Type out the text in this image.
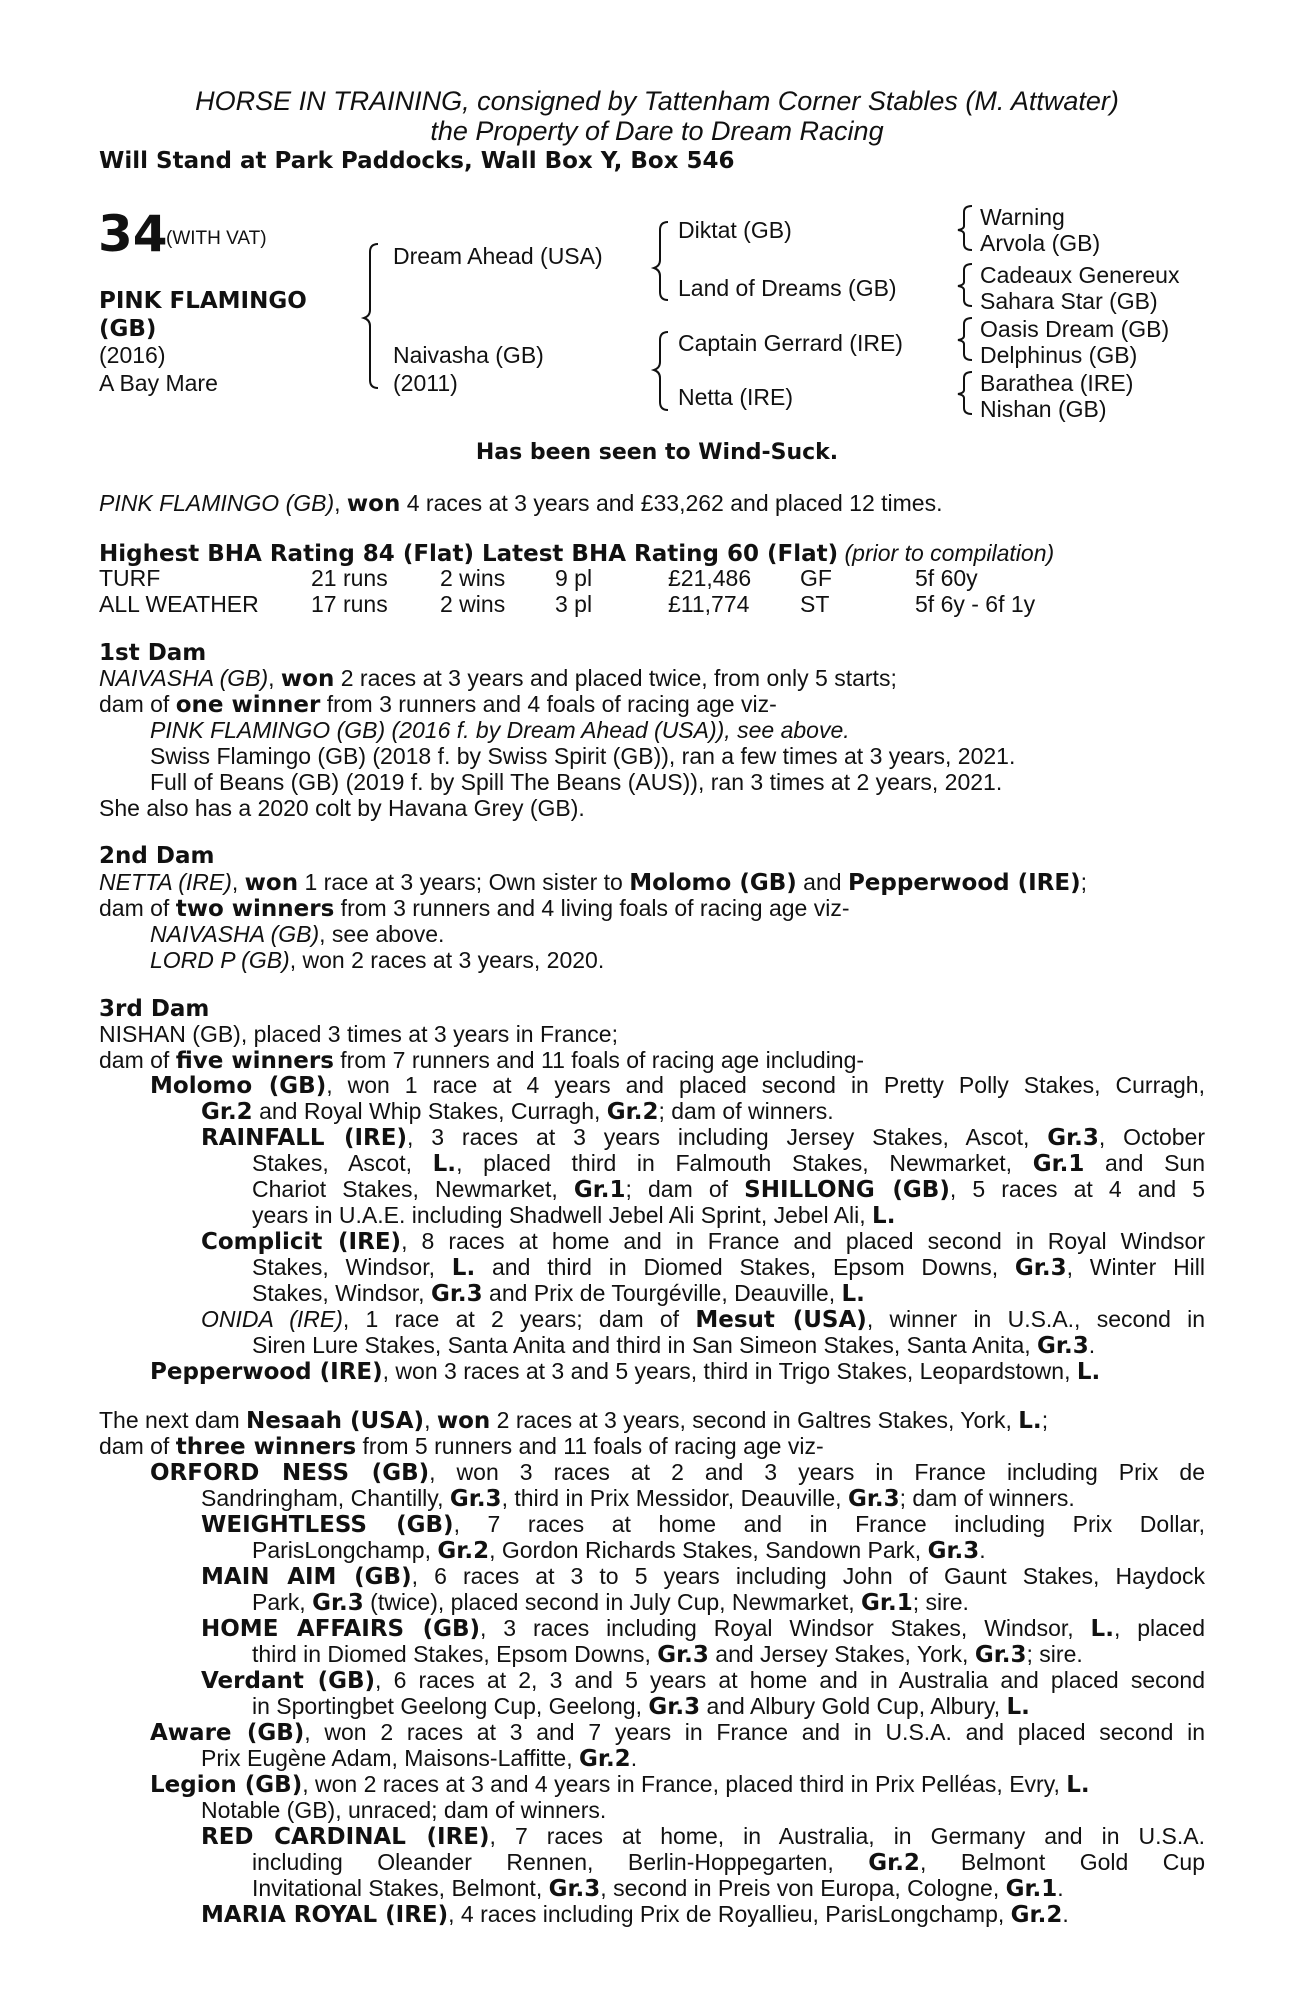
HORSE IN TRAINING, consigned by Tattenham Corner Stables (M. Attwater)
the Property of Dare to Dream Racing
Will Stand at Park Paddocks, Wall Box Y, Box 546
34
(WITH VAT)
PINK FLAMINGO
(GB)
(2016)
A Bay Mare
Dream Ahead (USA)
Naivasha (GB)
(2011)
Diktat (GB)
Land of Dreams (GB)
Captain Gerrard (IRE)
Netta (IRE)
Warning
Arvola (GB)
Cadeaux Genereux
Sahara Star (GB)
Oasis Dream (GB)
Delphinus (GB)
Barathea (IRE)
Nishan (GB)
Has been seen to Wind-Suck.
PINK FLAMINGO (GB), won 4 races at 3 years and £33,262 and placed 12 times.
Highest BHA Rating 84 (Flat) Latest BHA Rating 60 (Flat) (prior to compilation)
TURF	21 runs 2 wins 9 pl	£21,486 GF	5f 60y
ALL WEATHER 17 runs 2 wins 3 pl	£11,774 ST	5f 6y - 6f 1y
1st Dam
NAIVASHA (GB), won 2 races at 3 years and placed twice, from only 5 starts;
dam of one winner from 3 runners and 4 foals of racing age viz-
PINK FLAMINGO (GB) (2016 f. by Dream Ahead (USA)), see above.
Swiss Flamingo (GB) (2018 f. by Swiss Spirit (GB)), ran a few times at 3 years, 2021.
Full of Beans (GB) (2019 f. by Spill The Beans (AUS)), ran 3 times at 2 years, 2021.
She also has a 2020 colt by Havana Grey (GB).
2nd Dam
NETTA (IRE), won 1 race at 3 years; Own sister to Molomo (GB) and Pepperwood (IRE);
dam of two winners from 3 runners and 4 living foals of racing age viz-
NAIVASHA (GB), see above.
LORD P (GB), won 2 races at 3 years, 2020.
3rd Dam
NISHAN (GB), placed 3 times at 3 years in France;
dam of five winners from 7 runners and 11 foals of racing age including-
Molomo (GB), won 1 race at 4 years and placed second in Pretty Polly Stakes, Curragh,
Gr.2 and Royal Whip Stakes, Curragh, Gr.2; dam of winners.
RAINFALL (IRE), 3 races at 3 years including Jersey Stakes, Ascot, Gr.3, October
Stakes, Ascot, L., placed third in Falmouth Stakes, Newmarket, Gr.1 and Sun
Chariot Stakes, Newmarket, Gr.1; dam of SHILLONG (GB), 5 races at 4 and 5
years in U.A.E. including Shadwell Jebel Ali Sprint, Jebel Ali, L.
Complicit (IRE), 8 races at home and in France and placed second in Royal Windsor
Stakes, Windsor, L. and third in Diomed Stakes, Epsom Downs, Gr.3, Winter Hill
Stakes, Windsor, Gr.3 and Prix de Tourgéville, Deauville, L.
ONIDA (IRE), 1 race at 2 years; dam of Mesut (USA), winner in U.S.A., second in
Siren Lure Stakes, Santa Anita and third in San Simeon Stakes, Santa Anita, Gr.3.
Pepperwood (IRE), won 3 races at 3 and 5 years, third in Trigo Stakes, Leopardstown, L.
The next dam Nesaah (USA), won 2 races at 3 years, second in Galtres Stakes, York, L.;
dam of three winners from 5 runners and 11 foals of racing age viz-
ORFORD NESS (GB), won 3 races at 2 and 3 years in France including Prix de
Sandringham, Chantilly, Gr.3, third in Prix Messidor, Deauville, Gr.3; dam of winners.
WEIGHTLESS (GB), 7 races at home and in France including Prix Dollar,
ParisLongchamp, Gr.2, Gordon Richards Stakes, Sandown Park, Gr.3.
MAIN AIM (GB), 6 races at 3 to 5 years including John of Gaunt Stakes, Haydock
Park, Gr.3 (twice), placed second in July Cup, Newmarket, Gr.1; sire.
HOME AFFAIRS (GB), 3 races including Royal Windsor Stakes, Windsor, L., placed
third in Diomed Stakes, Epsom Downs, Gr.3 and Jersey Stakes, York, Gr.3; sire.
Verdant (GB), 6 races at 2, 3 and 5 years at home and in Australia and placed second
in Sportingbet Geelong Cup, Geelong, Gr.3 and Albury Gold Cup, Albury, L.
Aware (GB), won 2 races at 3 and 7 years in France and in U.S.A. and placed second in
Prix Eugène Adam, Maisons-Laffitte, Gr.2.
Legion (GB), won 2 races at 3 and 4 years in France, placed third in Prix Pelléas, Evry, L.
Notable (GB), unraced; dam of winners.
RED CARDINAL (IRE), 7 races at home, in Australia, in Germany and in U.S.A.
including Oleander Rennen, Berlin-Hoppegarten, Gr.2, Belmont Gold Cup
Invitational Stakes, Belmont, Gr.3, second in Preis von Europa, Cologne, Gr.1.
MARIA ROYAL (IRE), 4 races including Prix de Royallieu, ParisLongchamp, Gr.2.
